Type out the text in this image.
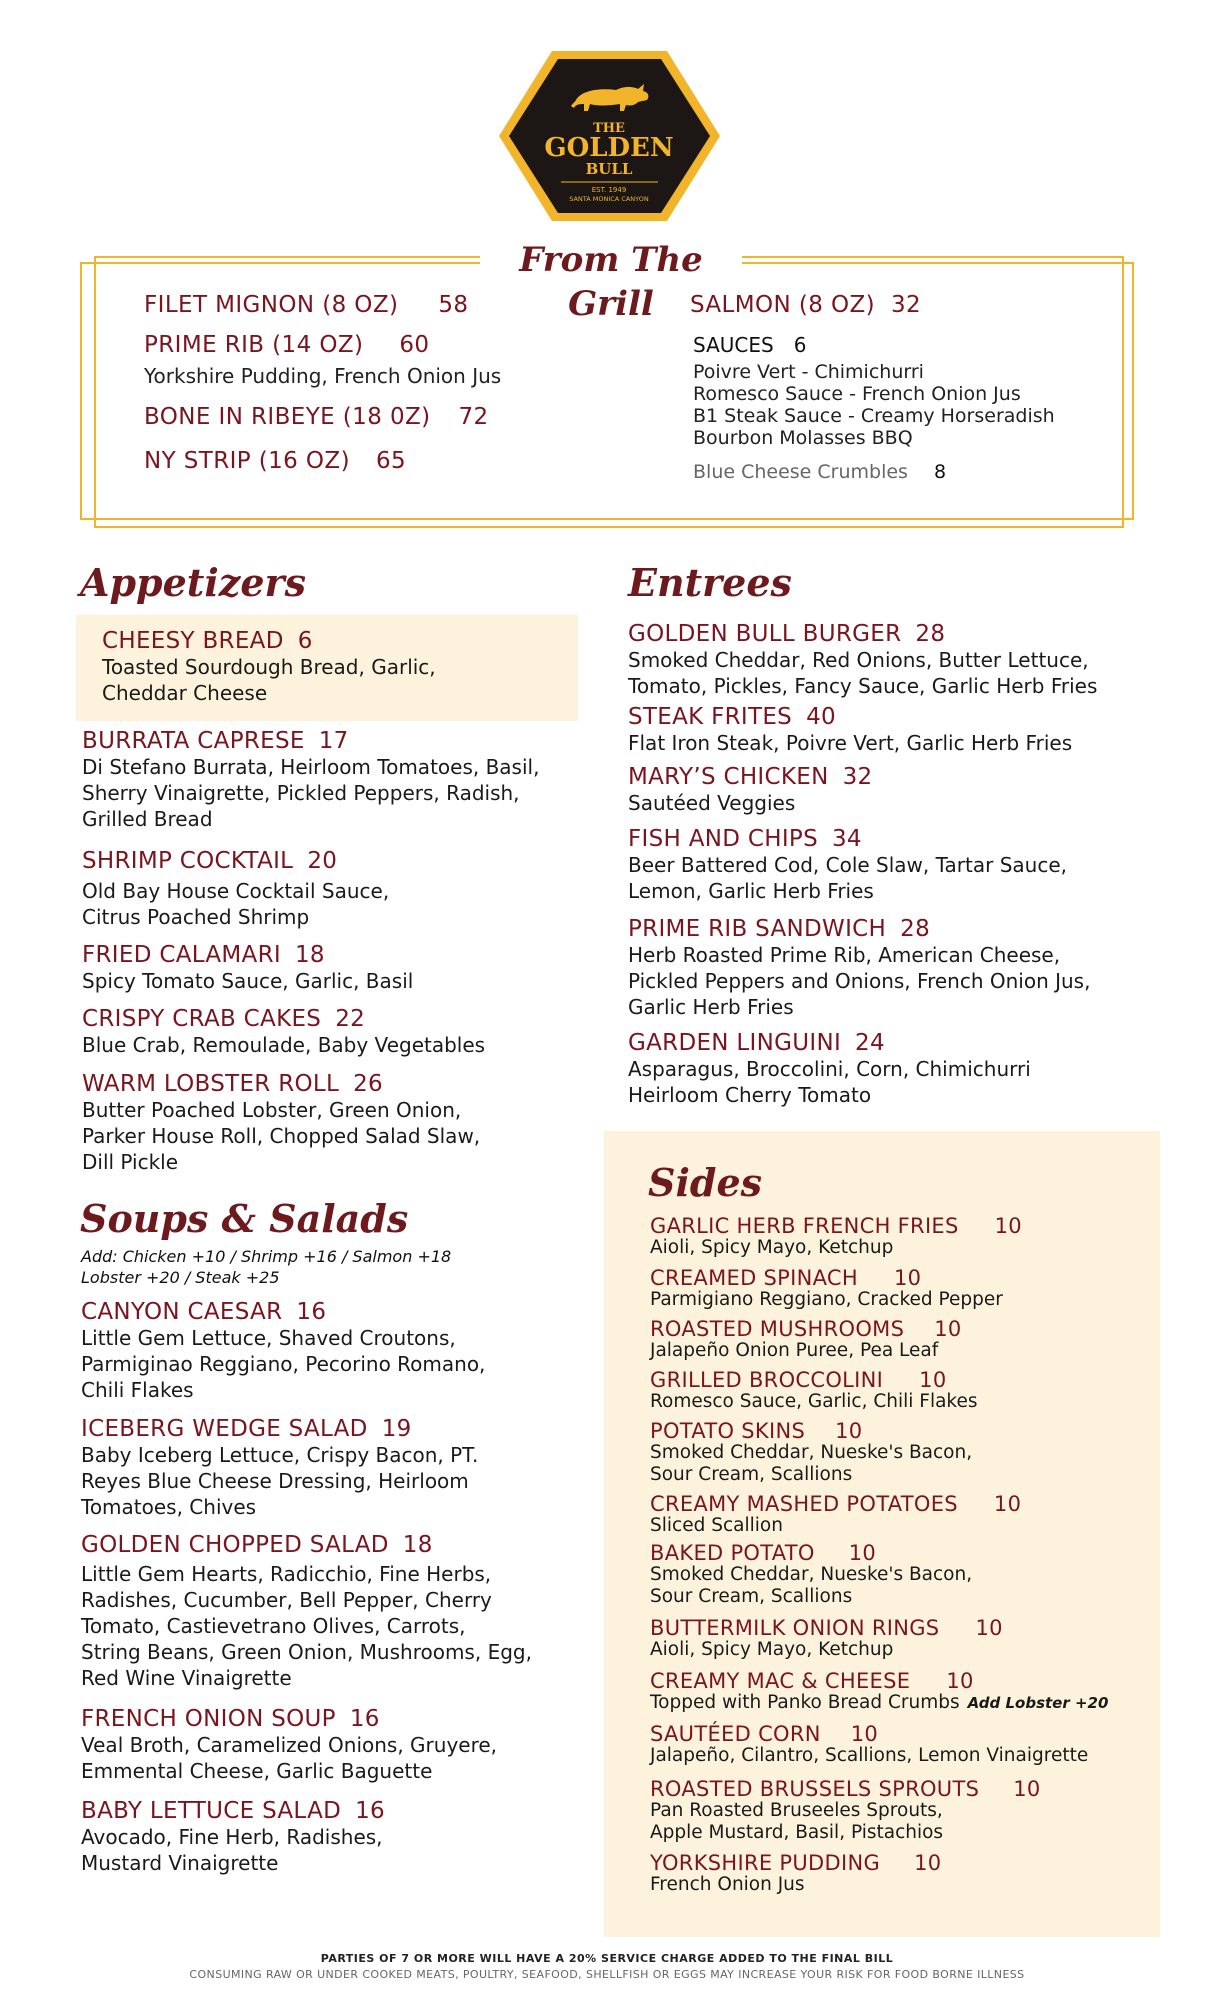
THE
GOLDEN
BULL
EST. 1949
SANTA MONICA CANYON
From The Grill
FILET MIGNON (8 OZ) 58
PRIME RIB (14 OZ) 60
Yorkshire Pudding, French Onion Jus
BONE IN RIBEYE (18 0Z) 72
NY STRIP (16 OZ) 65
SALMON (8 OZ) 32
SAUCES 6
Poivre Vert - Chimichurri
Romesco Sauce - French Onion Jus
B1 Steak Sauce - Creamy Horseradish
Bourbon Molasses BBQ
Blue Cheese Crumbles 8
Appetizers
CHEESY BREAD 6
Toasted Sourdough Bread, Garlic,
Cheddar Cheese
BURRATA CAPRESE 17
Di Stefano Burrata, Heirloom Tomatoes, Basil,
Sherry Vinaigrette, Pickled Peppers, Radish,
Grilled Bread
SHRIMP COCKTAIL 20
Old Bay House Cocktail Sauce,
Citrus Poached Shrimp
FRIED CALAMARI 18
Spicy Tomato Sauce, Garlic, Basil
CRISPY CRAB CAKES 22
Blue Crab, Remoulade, Baby Vegetables
WARM LOBSTER ROLL 26
Butter Poached Lobster, Green Onion,
Parker House Roll, Chopped Salad Slaw,
Dill Pickle
Soups & Salads
Add: Chicken +10 / Shrimp +16 / Salmon +18
Lobster +20 / Steak +25
CANYON CAESAR 16
Little Gem Lettuce, Shaved Croutons,
Parmiginao Reggiano, Pecorino Romano,
Chili Flakes
ICEBERG WEDGE SALAD 19
Baby Iceberg Lettuce, Crispy Bacon, PT.
Reyes Blue Cheese Dressing, Heirloom
Tomatoes, Chives
GOLDEN CHOPPED SALAD 18
Little Gem Hearts, Radicchio, Fine Herbs,
Radishes, Cucumber, Bell Pepper, Cherry
Tomato, Castievetrano Olives, Carrots,
String Beans, Green Onion, Mushrooms, Egg,
Red Wine Vinaigrette
FRENCH ONION SOUP 16
Veal Broth, Caramelized Onions, Gruyere,
Emmental Cheese, Garlic Baguette
BABY LETTUCE SALAD 16
Avocado, Fine Herb, Radishes,
Mustard Vinaigrette
Entrees
GOLDEN BULL BURGER 28
Smoked Cheddar, Red Onions, Butter Lettuce,
Tomato, Pickles, Fancy Sauce, Garlic Herb Fries
STEAK FRITES 40
Flat Iron Steak, Poivre Vert, Garlic Herb Fries
MARY’S CHICKEN 32
Sautéed Veggies
FISH AND CHIPS 34
Beer Battered Cod, Cole Slaw, Tartar Sauce,
Lemon, Garlic Herb Fries
PRIME RIB SANDWICH 28
Herb Roasted Prime Rib, American Cheese,
Pickled Peppers and Onions, French Onion Jus,
Garlic Herb Fries
GARDEN LINGUINI 24
Asparagus, Broccolini, Corn, Chimichurri
Heirloom Cherry Tomato
Sides
GARLIC HERB FRENCH FRIES 10
Aioli, Spicy Mayo, Ketchup
CREAMED SPINACH 10
Parmigiano Reggiano, Cracked Pepper
ROASTED MUSHROOMS 10
Jalapeño Onion Puree, Pea Leaf
GRILLED BROCCOLINI 10
Romesco Sauce, Garlic, Chili Flakes
POTATO SKINS 10
Smoked Cheddar, Nueske's Bacon,
Sour Cream, Scallions
CREAMY MASHED POTATOES 10
Sliced Scallion
BAKED POTATO 10
Smoked Cheddar, Nueske's Bacon,
Sour Cream, Scallions
BUTTERMILK ONION RINGS 10
Aioli, Spicy Mayo, Ketchup
CREAMY MAC & CHEESE 10
Topped with Panko Bread Crumbs Add Lobster +20
SAUTÉED CORN 10
Jalapeño, Cilantro, Scallions, Lemon Vinaigrette
ROASTED BRUSSELS SPROUTS 10
Pan Roasted Bruseeles Sprouts,
Apple Mustard, Basil, Pistachios
YORKSHIRE PUDDING 10
French Onion Jus
PARTIES OF 7 OR MORE WILL HAVE A 20% SERVICE CHARGE ADDED TO THE FINAL BILL
CONSUMING RAW OR UNDER COOKED MEATS, POULTRY, SEAFOOD, SHELLFISH OR EGGS MAY INCREASE YOUR RISK FOR FOOD BORNE ILLNESS
